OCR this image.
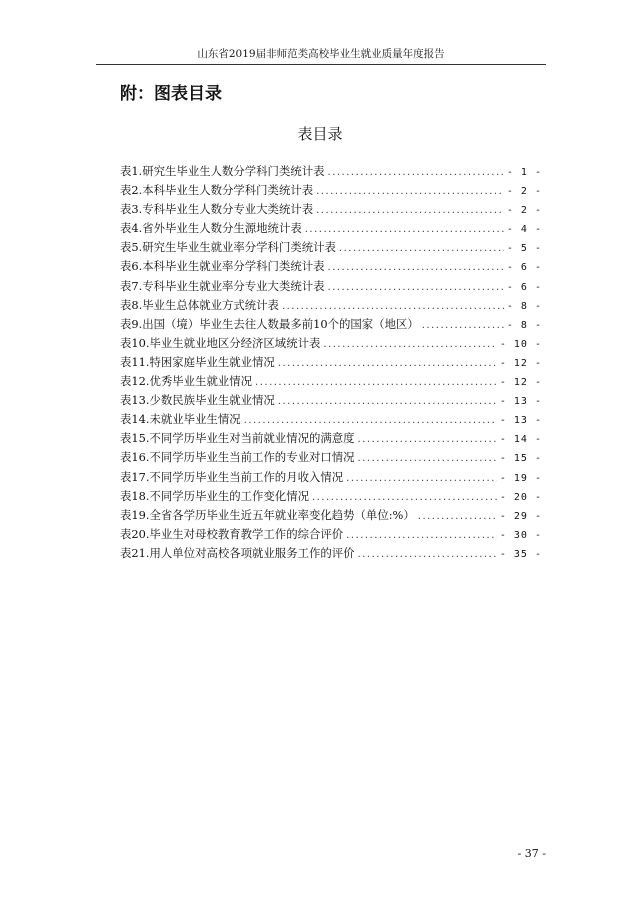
山东省2019届非师范类高校毕业生就业质量年度报告
附：图表目录
表目录
表1.研究生毕业生人数分学科门类统计表 .....	- 1 -
表2.本科毕业生人数分学科门类统计表 .....	- 2 -
表3.专科毕业生人数分专业大类统计表 .....	- 2 -
表4.省外毕业生人数分生源地统计表 .....	- 4 -
表5.研究生毕业生就业率分学科门类统计表 .....	- 5 -
表6.本科毕业生就业率分学科门类统计表 .....	- 6 -
表7.专科毕业生就业率分专业大类统计表 .....	- 6 -
表8.毕业生总体就业方式统计表 .....	- 8 -
表9.出国（境）毕业生去往人数最多前10个的国家（地区） .....	- 8 -
表10.毕业生就业地区分经济区域统计表 .....	- 10 -
表11.特困家庭毕业生就业情况 .....	- 12 -
表12.优秀毕业生就业情况 .....	- 12 -
表13.少数民族毕业生就业情况 .....	- 13 -
表14.未就业毕业生情况 .....	- 13 -
表15.不同学历毕业生对当前就业情况的满意度 .....	- 14 -
表16.不同学历毕业生当前工作的专业对口情况 .....	- 15 -
表17.不同学历毕业生当前工作的月收入情况 .....	- 19 -
表18.不同学历毕业生的工作变化情况 .....	- 20 -
表19.全省各学历毕业生近五年就业率变化趋势（单位:%） .....	- 29 -
表20.毕业生对母校教育教学工作的综合评价 .....	- 30 -
表21.用人单位对高校各项就业服务工作的评价 .....	- 35 -
- 37 -
